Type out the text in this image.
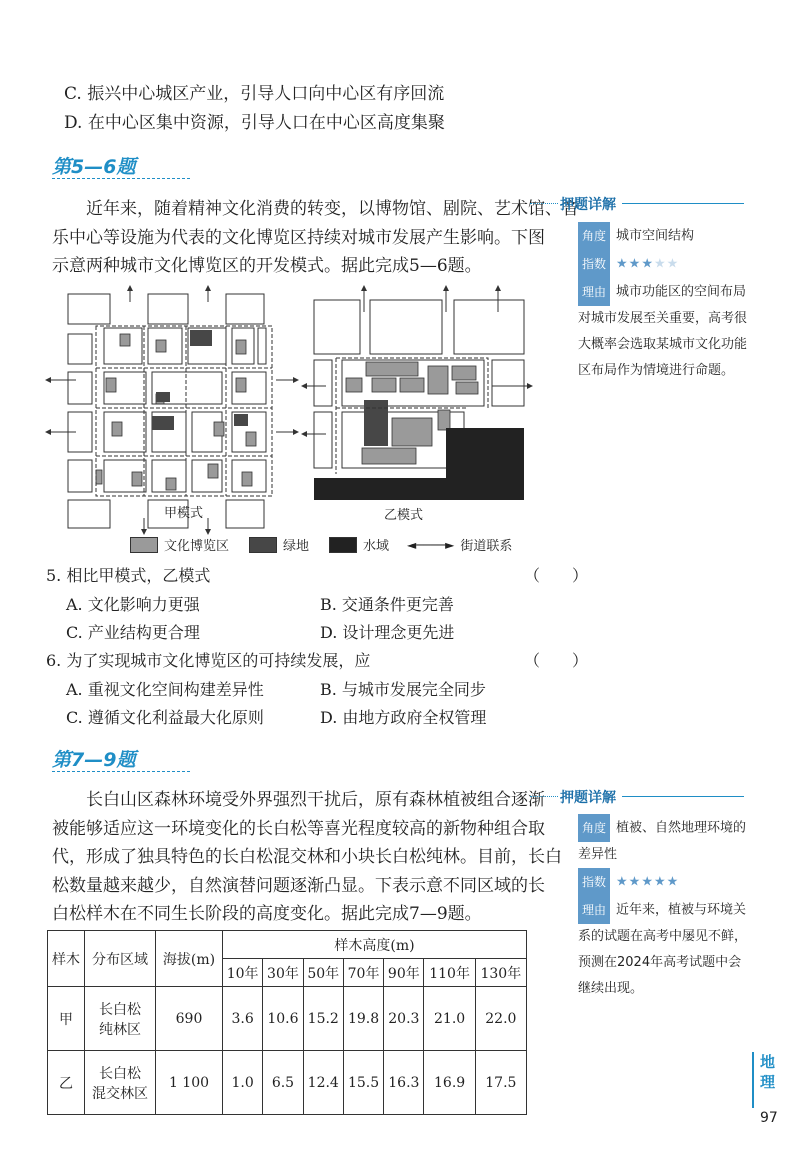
C. 振兴中心城区产业，引导人口向中心区有序回流
D. 在中心区集中资源，引导人口在中心区高度集聚
第5—6题
近年来，随着精神文化消费的转变，以博物馆、剧院、艺术馆、音
乐中心等设施为代表的文化博览区持续对城市发展产生影响。下图
示意两种城市文化博览区的开发模式。据此完成5—6题。
押题详解
角度 城市空间结构
指数 ★★★★★
理由 城市功能区的空间布局
对城市发展至关重要，高考很
大概率会选取某城市文化功能
区布局作为情境进行命题。
甲模式	乙模式
文化博览区	绿地	水域 ◄────► 街道联系
5. 相比甲模式，乙模式	（　　）
A. 文化影响力更强	B. 交通条件更完善
C. 产业结构更合理	D. 设计理念更先进
6. 为了实现城市文化博览区的可持续发展，应	（　　）
A. 重视文化空间构建差异性	B. 与城市发展完全同步
C. 遵循文化利益最大化原则	D. 由地方政府全权管理
第7—9题
长白山区森林环境受外界强烈干扰后，原有森林植被组合逐渐
被能够适应这一环境变化的长白松等喜光程度较高的新物种组合取
代，形成了独具特色的长白松混交林和小块长白松纯林。目前，长白
松数量越来越少，自然演替问题逐渐凸显。下表示意不同区域的长
白松样木在不同生长阶段的高度变化。据此完成7—9题。
押题详解
角度 植被、自然地理环境的
差异性
指数 ★★★★★
理由 近年来，植被与环境关
系的试题在高考中屡见不鲜，
预测在2024年高考试题中会
继续出现。
样木	分布区域	海拔(m)	样木高度(m)						
			10年	30年	50年	70年	90年	110年	130年
甲	长白松
纯林区	690	3.6	10.6	15.2	19.8	20.3	21.0	22.0
乙	长白松
混交林区	1 100	1.0	6.5	12.4	15.5	16.3	16.9	17.5
地理
97
